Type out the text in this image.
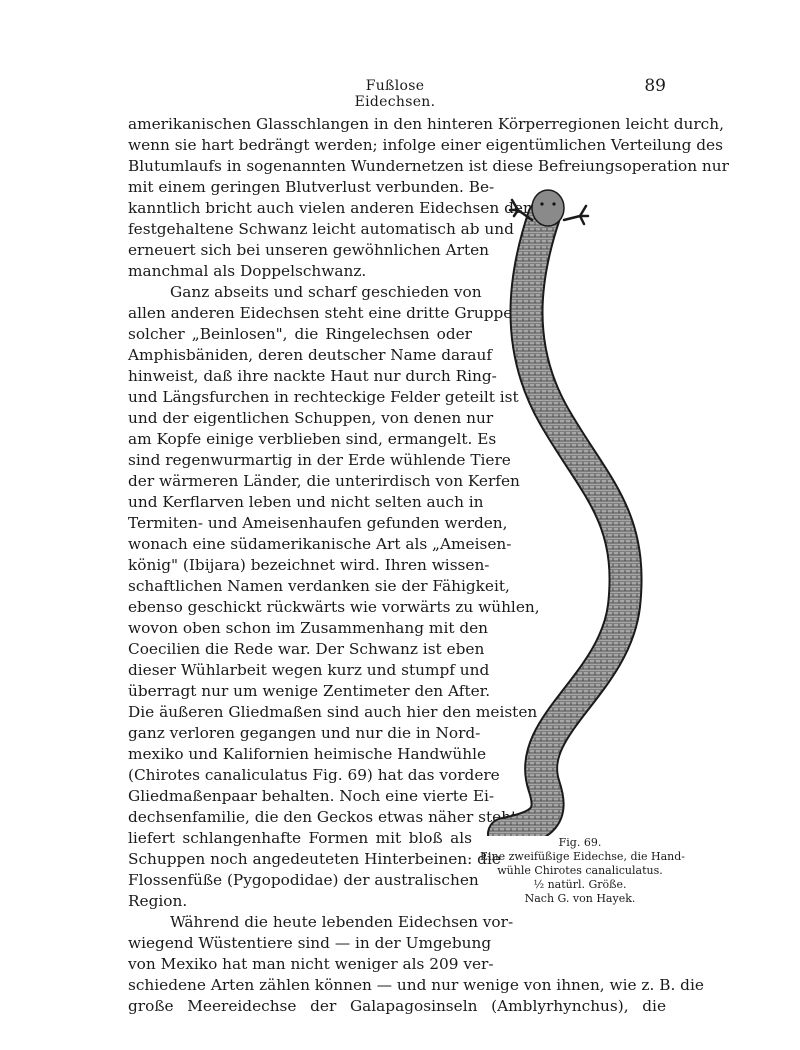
Fußlose Eidechsen.
89
amerikanischen Glasschlangen in den hinteren Körperregionen leicht durch,
wenn sie hart bedrängt werden; infolge einer eigentümlichen Verteilung des
Blutumlaufs in sogenannten Wundernetzen ist diese Befreiungsoperation nur
mit einem geringen Blutverlust verbunden. Be-
kanntlich bricht auch vielen anderen Eidechsen der
festgehaltene Schwanz leicht automatisch ab und
erneuert sich bei unseren gewöhnlichen Arten
manchmal als Doppelschwanz.
Ganz abseits und scharf geschieden von
allen anderen Eidechsen steht eine dritte Gruppe
solcher „Beinlosen", die Ringelechsen oder
Amphisbäniden, deren deutscher Name darauf
hinweist, daß ihre nackte Haut nur durch Ring-
und Längsfurchen in rechteckige Felder geteilt ist
und der eigentlichen Schuppen, von denen nur
am Kopfe einige verblieben sind, ermangelt. Es
sind regenwurmartig in der Erde wühlende Tiere
der wärmeren Länder, die unterirdisch von Kerfen
und Kerflarven leben und nicht selten auch in
Termiten- und Ameisenhaufen gefunden werden,
wonach eine südamerikanische Art als „Ameisen-
könig" (Ibijara) bezeichnet wird. Ihren wissen-
schaftlichen Namen verdanken sie der Fähigkeit,
ebenso geschickt rückwärts wie vorwärts zu wühlen,
wovon oben schon im Zusammenhang mit den
Coecilien die Rede war. Der Schwanz ist eben
dieser Wühlarbeit wegen kurz und stumpf und
überragt nur um wenige Zentimeter den After.
Die äußeren Gliedmaßen sind auch hier den meisten
ganz verloren gegangen und nur die in Nord-
mexiko und Kalifornien heimische Handwühle
(Chirotes canaliculatus Fig. 69) hat das vordere
Gliedmaßenpaar behalten. Noch eine vierte Ei-
dechsenfamilie, die den Geckos etwas näher steht,
liefert schlangenhafte Formen mit bloß als
Schuppen noch angedeuteten Hinterbeinen: die
Flossenfüße (Pygopodidae) der australischen
Region.
Während die heute lebenden Eidechsen vor-
wiegend Wüstentiere sind — in der Umgebung
von Mexiko hat man nicht weniger als 209 ver-
schiedene Arten zählen können — und nur wenige von ihnen, wie z. B. die
große Meereidechse der Galapagosinseln (Amblyrhynchus), die
Fig. 69.
Eine zweifüßige Eidechse, die Hand-
wühle Chirotes canaliculatus.
½ natürl. Größe.
Nach G. von Hayek.
